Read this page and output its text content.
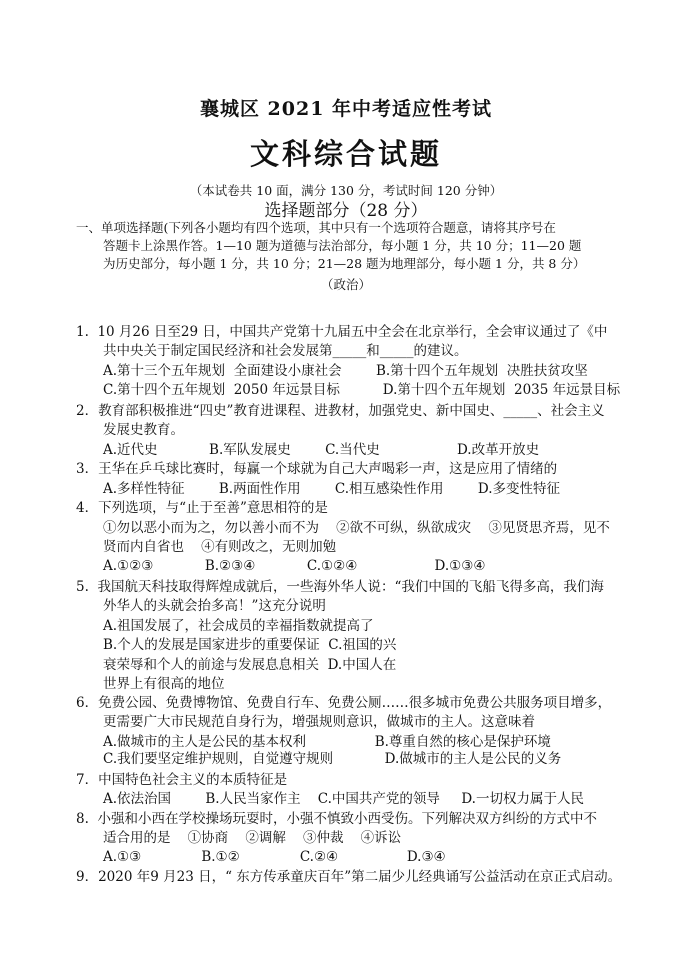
襄城区 2021 年中考适应性考试
文科综合试题
（本试卷共 10 面，满分 130 分，考试时间 120 分钟）
选择题部分（28 分）
一、单项选择题(下列各小题均有四个选项，其中只有一个选项符合题意，请将其序号在
答题卡上涂黑作答。1—10 题为道德与法治部分，每小题 1 分，共 10 分；11—20 题
为历史部分，每小题 1 分，共 10 分；21—28 题为地理部分，每小题 1 分，共 8 分）
（政治）
1.  10 月26 日至29 日，中国共产党第十九届五中全会在北京举行，全会审议通过了《中
共中央关于制定国民经济和社会发展第_____和_____的建议。
A.第十三个五年规划  全面建设小康社会        B.第十四个五年规划  决胜扶贫攻坚
C.第十四个五年规划  2050 年远景目标          D.第十四个五年规划  2035 年远景目标
2．教育部积极推进“四史”教育进课程、进教材，加强党史、新中国史、_____、社会主义
发展史教育。
A.近代史            B.军队发展史        C.当代史                  D.改革开放史
3．王华在乒乓球比赛时，每赢一个球就为自己大声喝彩一声，这是应用了情绪的
A.多样性特征        B.两面性作用        C.相互感染性作用        D.多变性特征
4．下列选项，与“止于至善”意思相符的是
①勿以恶小而为之，勿以善小而不为    ②欲不可纵，纵欲成灾    ③见贤思齐焉，见不
贤而内自省也    ④有则改之，无则加勉
A.①②③            B.②③④            C.①②④                  D.①③④
5.  我国航天科技取得辉煌成就后，一些海外华人说：“我们中国的飞船飞得多高，我们海
外华人的头就会抬多高！”这充分说明
A.祖国发展了，社会成员的幸福指数就提高了
B.个人的发展是国家进步的重要保证  C.祖国的兴
衰荣辱和个人的前途与发展息息相关  D.中国人在
世界上有很高的地位
6．免费公园、免费博物馆、免费自行车、免费公厕……很多城市免费公共服务项目增多，
更需要广大市民规范自身行为，增强规则意识，做城市的主人。这意味着
A.做城市的主人是公民的基本权利                B.尊重自然的核心是保护环境
C.我们要坚定维护规则，自觉遵守规则            D.做城市的主人是公民的义务
7．中国特色社会主义的本质特征是
A.依法治国        B.人民当家作主    C.中国共产党的领导     D.一切权力属于人民
8.  小强和小西在学校操场玩耍时，小强不慎致小西受伤。下列解决双方纠纷的方式中不
适合用的是    ①协商    ②调解    ③仲裁    ④诉讼
A.①③              B.①②              C.②④                D.③④
9．2020 年9 月23 日，“ 东方传承童庆百年”第二届少儿经典诵写公益活动在京正式启动。
